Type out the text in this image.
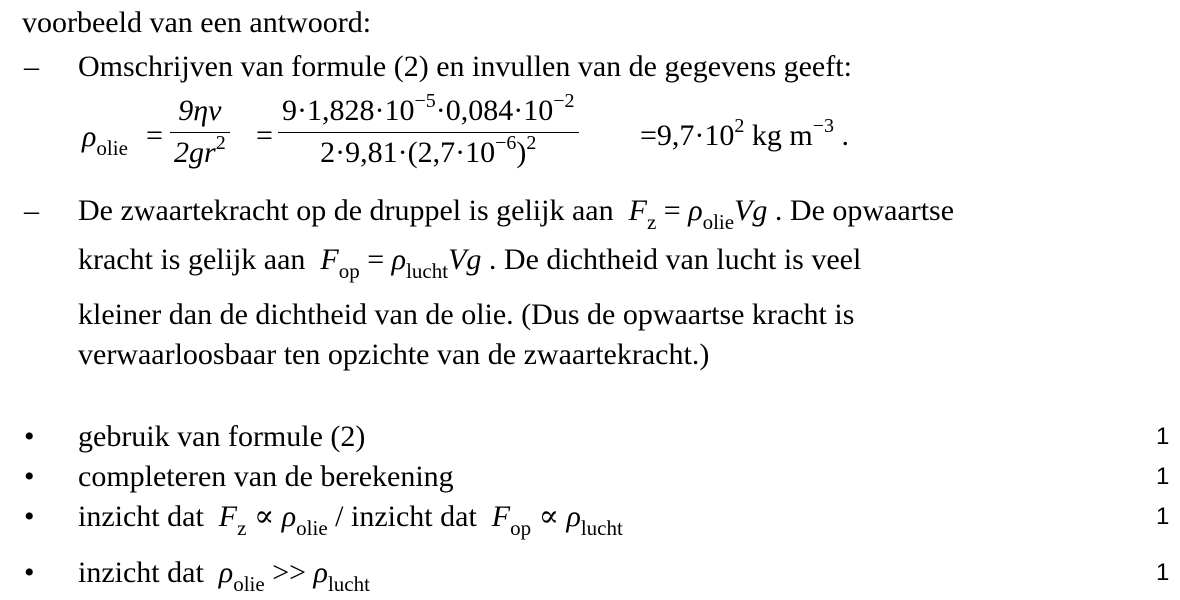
voorbeeld van een antwoord:
– Omschrijven van formule (2) en invullen van de gegevens geeft:
$\rho_{olie}$ =
9ηv
$2gr^2$ =
$9\cdot 1,828\cdot 10^{-5}\cdot 0,084\cdot 10^{-2}$
$2\cdot 9,81\cdot(2,7\cdot 10^{-6})^2$	$=9,7\cdot 10^2$ kg $m^{-3}$ .
– De zwaartekracht op de druppel is gelijk aan $F_z = \rho_{olie}Vg$ . De opwaartse
kracht is gelijk aan $F_{op} = \rho_{lucht}Vg$ . De dichtheid van lucht is veel
kleiner dan de dichtheid van de olie. (Dus de opwaartse kracht is
verwaarloosbaar ten opzichte van de zwaartekracht.)
• gebruik van formule (2)	1
• completeren van de berekening	1
• inzicht dat $F_z \propto \rho_{olie}$ / inzicht dat $F_{op} \propto \rho_{lucht}$	1
• inzicht dat $\rho_{olie} >> \rho_{lucht}$	1
